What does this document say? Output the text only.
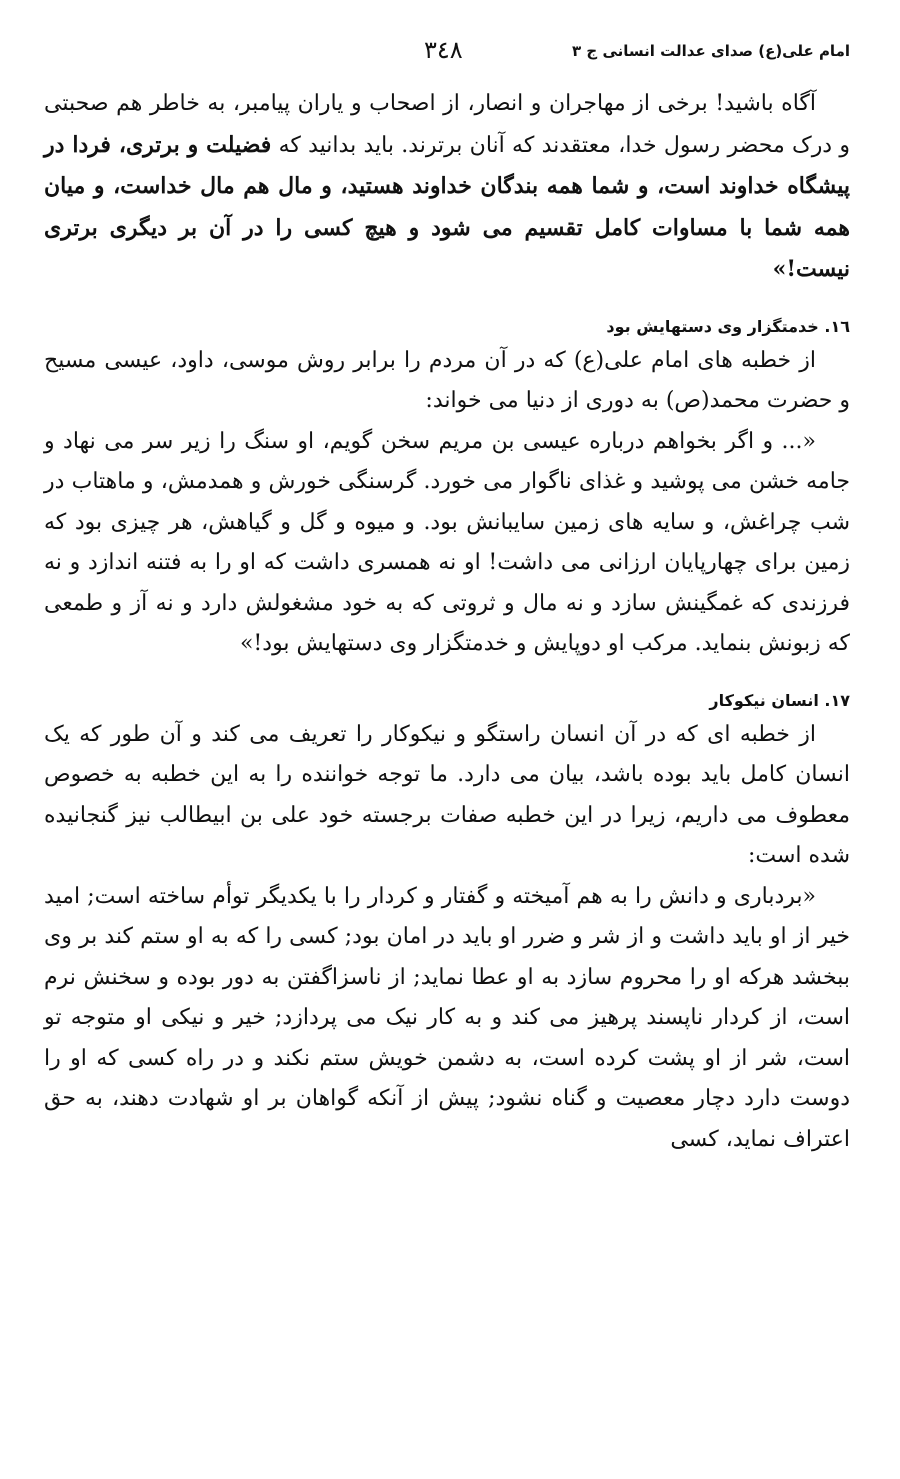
امام علی(ع) صدای عدالت انسانی ج ۳
۳٤۸

آگاه باشید! برخی از مهاجران و انصار، از اصحاب و یاران پیامبر، به خاطر هم صحبتی و درک محضر رسول خدا، معتقدند که آنان برترند. باید بدانید که فضیلت و برتری، فردا در پیشگاه خداوند است، و شما همه بندگان خداوند هستید، و مال هم مال خداست، و میان همه شما با مساوات کامل تقسیم می شود و هیچ کسی را در آن بر دیگری برتری نیست!»

۱٦. خدمتگزار وی دستهایش بود

از خطبه های امام علی(ع) که در آن مردم را برابر روش موسی، داود، عیسی مسیح و حضرت محمد(ص) به دوری از دنیا می خواند:

«... و اگر بخواهم درباره عیسی بن مریم سخن گویم، او سنگ را زیر سر می نهاد و جامه خشن می پوشید و غذای ناگوار می خورد. گرسنگی خورش و همدمش، و ماهتاب در شب چراغش، و سایه های زمین سایبانش بود. و میوه و گل و گیاهش، هر چیزی بود که زمین برای چهارپایان ارزانی می داشت! او نه همسری داشت که او را به فتنه اندازد و نه فرزندی که غمگینش سازد و نه مال و ثروتی که به خود مشغولش دارد و نه آز و طمعی که زبونش بنماید. مرکب او دوپایش و خدمتگزار وی دستهایش بود!»

۱۷. انسان نیکوکار

از خطبه ای که در آن انسان راستگو و نیکوکار را تعریف می کند و آن طور که یک انسان کامل باید بوده باشد، بیان می دارد. ما توجه خواننده را به این خطبه به خصوص معطوف می داریم، زیرا در این خطبه صفات برجسته خود علی بن ابیطالب نیز گنجانیده شده است:

«بردباری و دانش را به هم آمیخته و گفتار و کردار را با یکدیگر توأم ساخته است; امید خیر از او باید داشت و از شر و ضرر او باید در امان بود; کسی را که به او ستم کند بر وی ببخشد هرکه او را محروم سازد به او عطا نماید; از ناسزاگفتن به دور بوده و سخنش نرم است، از کردار ناپسند پرهیز می کند و به کار نیک می پردازد; خیر و نیکی او متوجه تو است، شر از او پشت کرده است، به دشمن خویش ستم نکند و در راه کسی که او را دوست دارد دچار معصیت و گناه نشود; پیش از آنکه گواهان بر او شهادت دهند، به حق اعتراف نماید، کسی
